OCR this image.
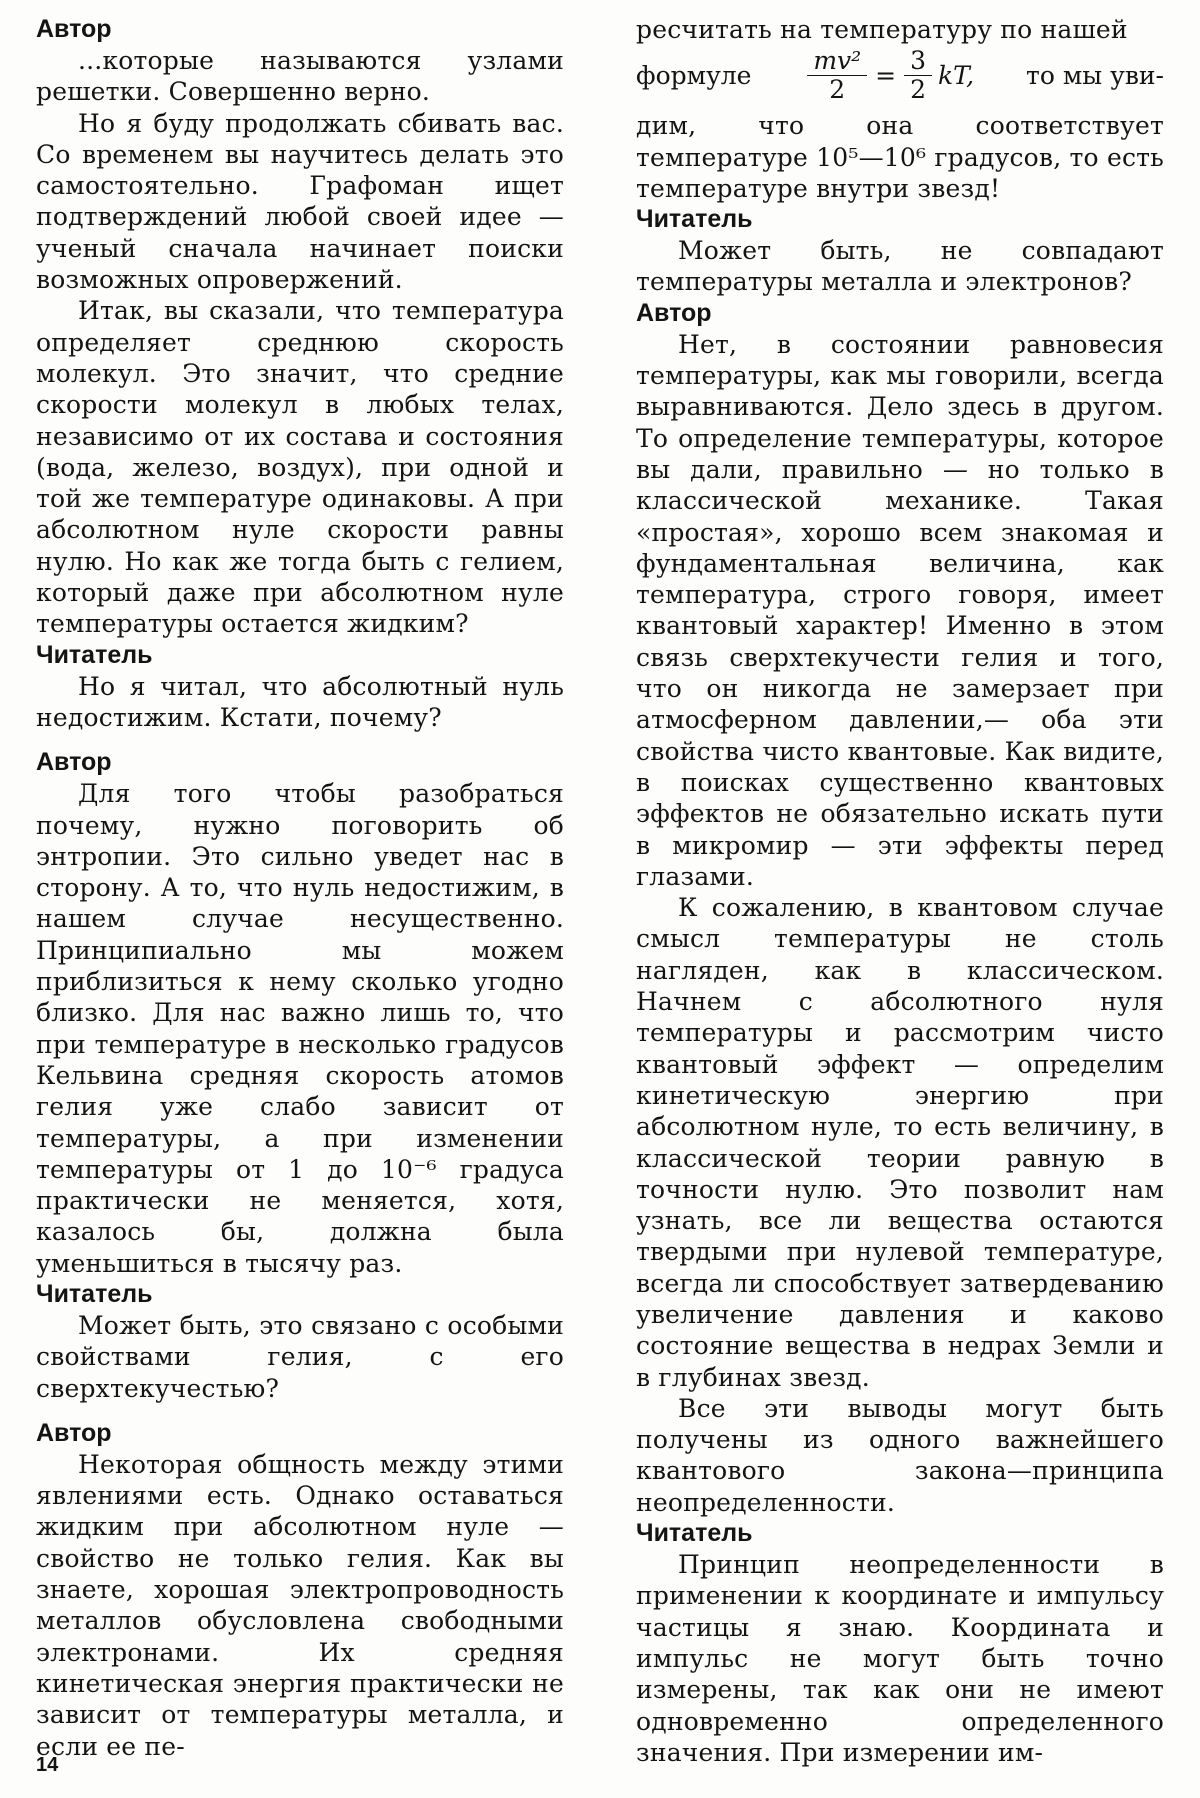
Автор

...которые называются узлами решетки. Совершенно верно.

Но я буду продолжать сбивать вас. Со временем вы научитесь делать это самостоятельно. Графоман ищет подтверждений любой своей идее — ученый сначала начинает поиски возможных опровержений.

Итак, вы сказали, что температура определяет среднюю скорость молекул. Это значит, что средние скорости молекул в любых телах, независимо от их состава и состояния (вода, железо, воздух), при одной и той же температуре одинаковы. А при абсолютном нуле скорости равны нулю. Но как же тогда быть с гелием, который даже при абсолютном нуле температуры остается жидким?

Читатель

Но я читал, что абсолютный нуль недостижим. Кстати, почему?

Автор

Для того чтобы разобраться почему, нужно поговорить об энтропии. Это сильно уведет нас в сторону. А то, что нуль недостижим, в нашем случае несущественно. Принципиально мы можем приблизиться к нему сколько угодно близко. Для нас важно лишь то, что при температуре в несколько градусов Кельвина средняя скорость атомов гелия уже слабо зависит от температуры, а при изменении температуры от 1 до 10⁻⁶ градуса практически не меняется, хотя, казалось бы, должна была уменьшиться в тысячу раз.

Читатель

Может быть, это связано с особыми свойствами гелия, с его сверхтекучестью?

Автор

Некоторая общность между этими явлениями есть. Однако оставаться жидким при абсолютном нуле — свойство не только гелия. Как вы знаете, хорошая электропроводность металлов обусловлена свободными электронами. Их средняя кинетическая энергия практически не зависит от температуры металла, и если ее пе-

ресчитать на температуру по нашей

формуле $\frac{\text{mv²}}{2} = \frac{3}{2}$ kT, то мы уви-

дим, что она соответствует температуре 10⁵—10⁶ градусов, то есть температуре внутри звезд!

Читатель

Может быть, не совпадают температуры металла и электронов?

Автор

Нет, в состоянии равновесия температуры, как мы говорили, всегда выравниваются. Дело здесь в другом. То определение температуры, которое вы дали, правильно — но только в классической механике. Такая «простая», хорошо всем знакомая и фундаментальная величина, как температура, строго говоря, имеет квантовый характер! Именно в этом связь сверхтекучести гелия и того, что он никогда не замерзает при атмосферном давлении,— оба эти свойства чисто квантовые. Как видите, в поисках существенно квантовых эффектов не обязательно искать пути в микромир — эти эффекты перед глазами.

К сожалению, в квантовом случае смысл температуры не столь нагляден, как в классическом. Начнем с абсолютного нуля температуры и рассмотрим чисто квантовый эффект — определим кинетическую энергию при абсолютном нуле, то есть величину, в классической теории равную в точности нулю. Это позволит нам узнать, все ли вещества остаются твердыми при нулевой температуре, всегда ли способствует затвердеванию увеличение давления и каково состояние вещества в недрах Земли и в глубинах звезд.

Все эти выводы могут быть получены из одного важнейшего квантового закона—принципа неопределенности.

Читатель

Принцип неопределенности в применении к координате и импульсу частицы я знаю. Координата и импульс не могут быть точно измерены, так как они не имеют одновременно определенного значения. При измерении им-

14
